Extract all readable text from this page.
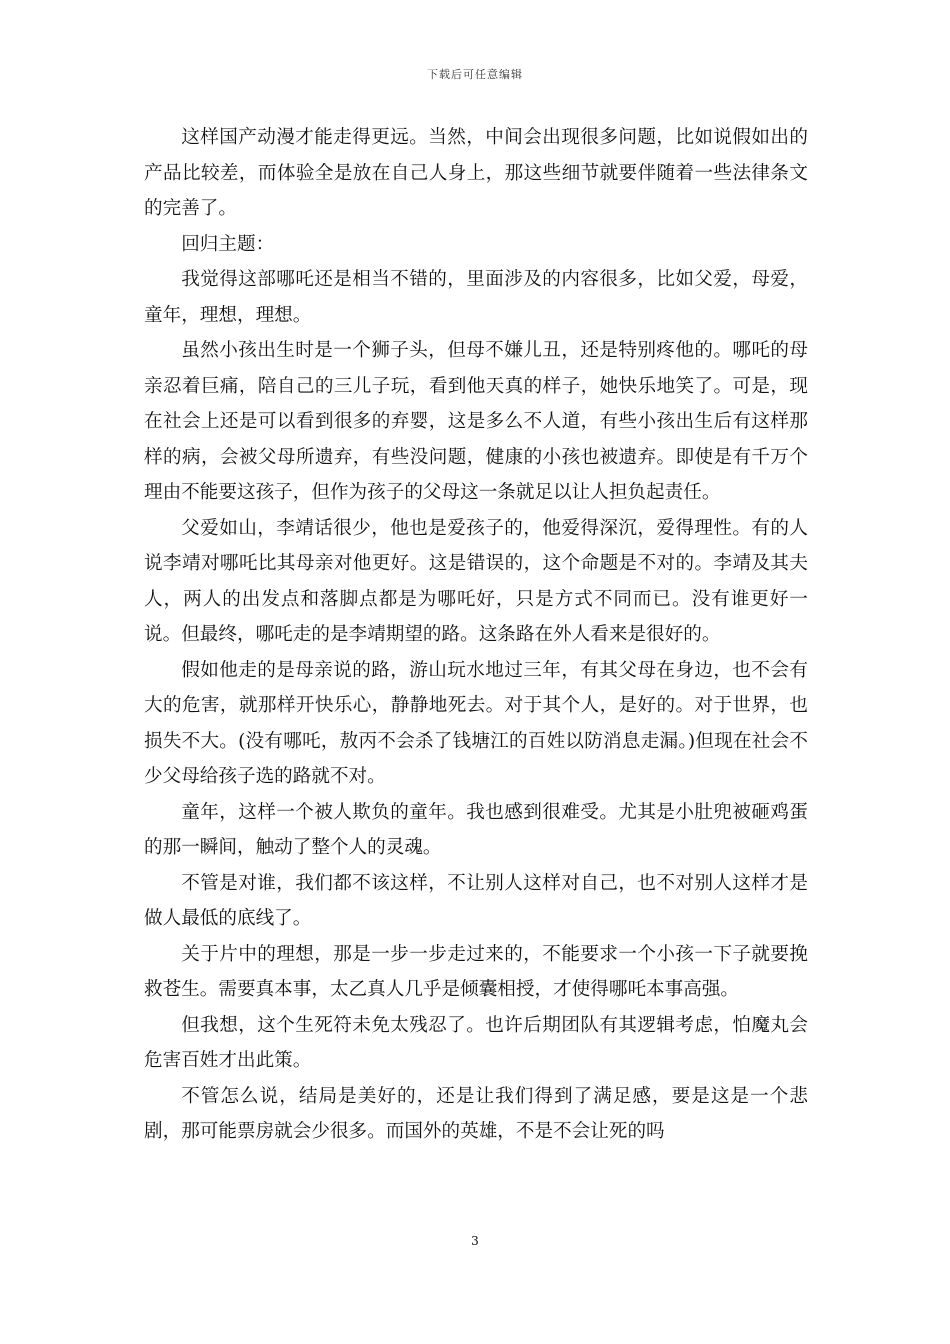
下载后可任意编辑

这样国产动漫才能走得更远。当然，中间会出现很多问题，比如说假如出的产品比较差，而体验全是放在自己人身上，那这些细节就要伴随着一些法律条文的完善了。

回归主题：

我觉得这部哪吒还是相当不错的，里面涉及的内容很多，比如父爱，母爱，童年，理想，理想。

虽然小孩出生时是一个狮子头，但母不嫌儿丑，还是特别疼他的。哪吒的母亲忍着巨痛，陪自己的三儿子玩，看到他天真的样子，她快乐地笑了。可是，现在社会上还是可以看到很多的弃婴，这是多么不人道，有些小孩出生后有这样那样的病，会被父母所遗弃，有些没问题，健康的小孩也被遗弃。即使是有千万个理由不能要这孩子，但作为孩子的父母这一条就足以让人担负起责任。

父爱如山，李靖话很少，他也是爱孩子的，他爱得深沉，爱得理性。有的人说李靖对哪吒比其母亲对他更好。这是错误的，这个命题是不对的。李靖及其夫人，两人的出发点和落脚点都是为哪吒好，只是方式不同而已。没有谁更好一说。但最终，哪吒走的是李靖期望的路。这条路在外人看来是很好的。

假如他走的是母亲说的路，游山玩水地过三年，有其父母在身边，也不会有大的危害，就那样开快乐心，静静地死去。对于其个人，是好的。对于世界，也损失不大。(没有哪吒，敖丙不会杀了钱塘江的百姓以防消息走漏。)但现在社会不少父母给孩子选的路就不对。

童年，这样一个被人欺负的童年。我也感到很难受。尤其是小肚兜被砸鸡蛋的那一瞬间，触动了整个人的灵魂。

不管是对谁，我们都不该这样，不让别人这样对自己，也不对别人这样才是做人最低的底线了。

关于片中的理想，那是一步一步走过来的，不能要求一个小孩一下子就要挽救苍生。需要真本事，太乙真人几乎是倾囊相授，才使得哪吒本事高强。

但我想，这个生死符未免太残忍了。也许后期团队有其逻辑考虑，怕魔丸会危害百姓才出此策。

不管怎么说，结局是美好的，还是让我们得到了满足感，要是这是一个悲剧，那可能票房就会少很多。而国外的英雄，不是不会让死的吗

3
